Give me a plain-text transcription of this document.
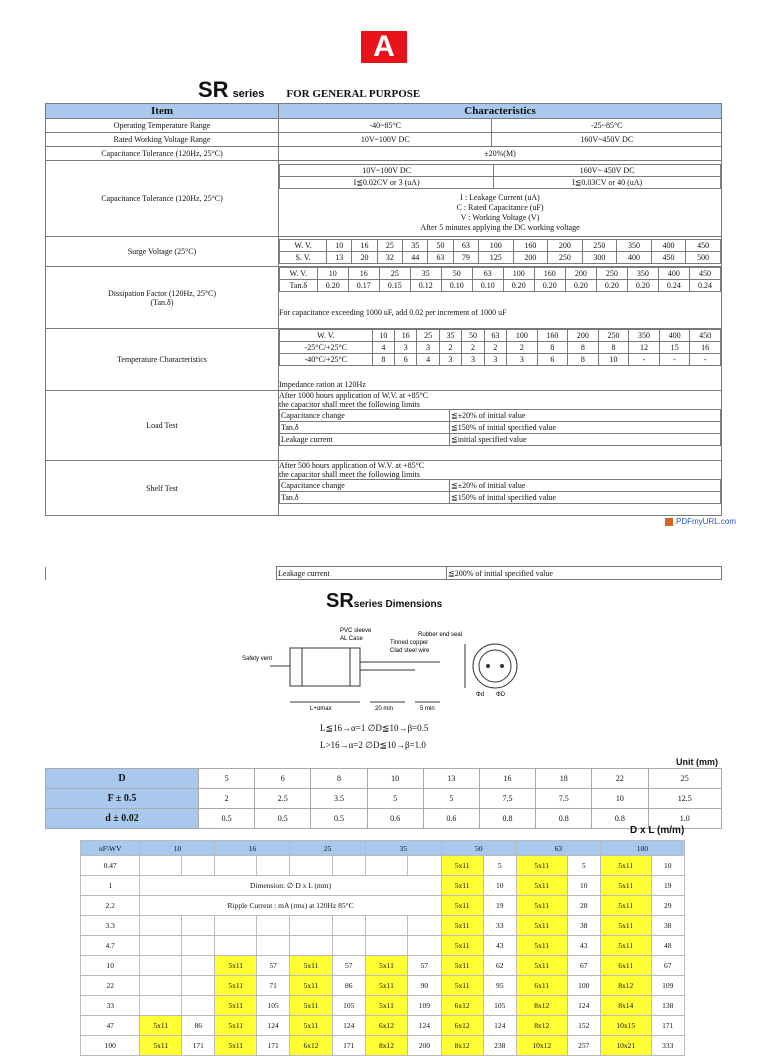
A
SR series FOR GENERAL PURPOSE
Item	Characteristics
Operating Temperature Range	-40~85°C	-25~85°C
Rated Working Voltage Range	10V~100V DC	160V~450V DC
Capacitance Tolerance (120Hz, 25°C)	±20%(M)
Capacitance Tolerance (120Hz, 25°C)	
10V~100V DC	160V~ 450V DC
I≦0.02CV or 3 (uA)	I≦0.03CV or 40 (uA)

I : Leakage Current (uA)
C : Rated Capacitance (uF)
V : Working Voltage (V)
After 5 minutes applying the DC working voltage

Surge Voltage (25°C)	
W. V.	10	16	25	35	50	63	100	160	200	250	350	400	450
S. V.	13	20	32	44	63	79	125	200	250	300	400	450	500

Dissipation Factor (120Hz, 25°C)
(Tan.δ)

W. V.	10	16	25	35	50	63	100	160	200	250	350	400	450
Tan.δ	0.20	0.17	0.15	0.12	0.10	0.10	0.20	0.20	0.20	0.20	0.20	0.24	0.24
For capacitance exceeding 1000 uF, add 0.02 per increment of 1000 uF

Temperature Characteristics	
W. V.	10	16	25	35	50	63	100	160	200	250	350	400	450
-25°C/+25°C	4	3	3	2	2	2	2	8	8	8	12	15	16
-40°C/+25°C	8	6	4	3	3	3	3	6	8	10	-	-	-
Impedance ration at 120Hz

Load Test	
After 1000 hours application of W.V. at +85°C
the capacitor shall meet the following limits
Capacitance change	≦±20% of initial value
Tan.δ	≦150% of initial specified value
Leakage current	≦initial specified value

Shelf Test	
After 500 hours application of W.V. at +85°C
the capacitor shall meet the following limits
Capacitance change	≦±20% of initial value
Tan.δ	≦150% of initial specified value
PDFmyURL.com
	Leakage current	≦200% of initial specified value
SRseries Dimensions
PVC sleeve
AL Case
Rubber end seal
Tinned copper
Clad steel wire
Safety vent
L+αmax	20 min	5 min
Φd ΦD
L≦16→α=1 ∅D≦10→β=0.5
L>16→α=2 ∅D≦10→β=1.0
Unit (mm)
D	5	6	8	10	13	16	18	22	25
F ± 0.5	2	2.5	3.5	5	5	7.5	7.5	10	12.5
d ± 0.02	0.5	0.5	0.5	0.6	0.6	0.8	0.8	0.8	1.0
D x L (m/m)
uF\WV	10		16		25		35		50		63		100	
0.47									5x11	5	5x11	5	5x11	10
1	Dimension: ∅ D x L (mm)								5x11	10	5x11	10	5x11	19
2.2	Ripple Current : mA (rms) at 120Hz 85°C								5x11	19	5x11	28	5x11	29
3.3									5x11	33	5x11	38	5x11	38
4.7									5x11	43	5x11	43	5x11	48
10			5x11	57	5x11	57	5x11	57	5x11	62	5x11	67	6x11	67
22			5x11	71	5x11	86	5x11	90	5x11	95	6x11	100	8x12	109
33			5x11	105	5x11	105	5x11	109	6x12	105	8x12	124	8x14	138
47	5x11	86	5x11	124	5x11	124	6x12	124	6x12	124	8x12	152	10x15	171
100	5x11	171	5x11	171	6x12	171	8x12	200	8x12	238	10x12	257	10x21	333
